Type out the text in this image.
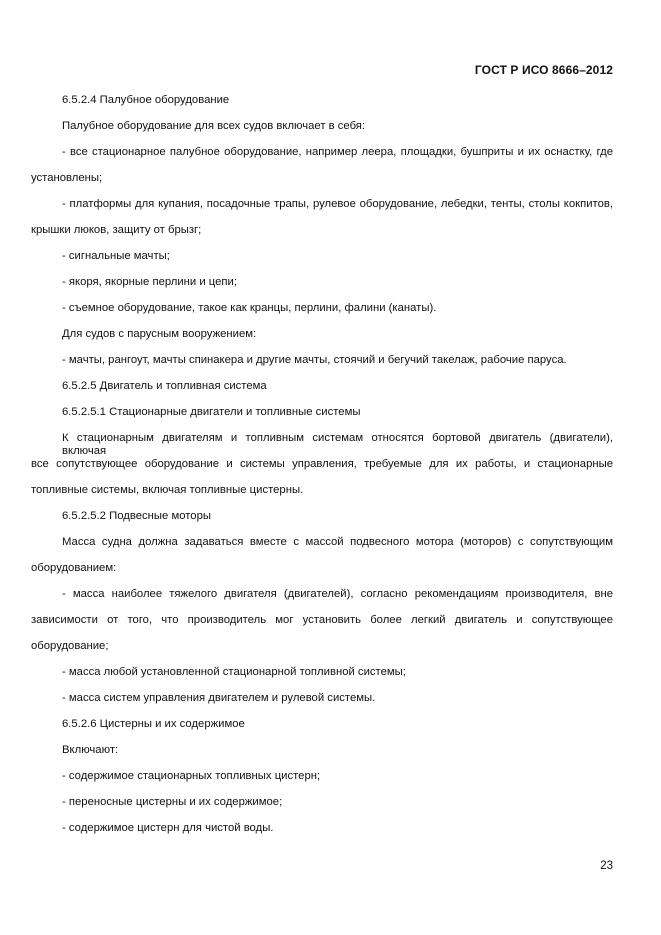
ГОСТ Р ИСО 8666–2012
6.5.2.4 Палубное оборудование
Палубное оборудование для всех судов включает в себя:
- все стационарное палубное оборудование, например леера, площадки, бушприты и их оснастку, где
установлены;
- платформы для купания, посадочные трапы, рулевое оборудование, лебедки, тенты, столы кокпитов,
крышки люков, защиту от брызг;
- сигнальные мачты;
- якоря, якорные перлини и цепи;
- съемное оборудование, такое как кранцы, перлини, фалини (канаты).
Для судов с парусным вооружением:
- мачты, рангоут, мачты спинакера и другие мачты, стоячий и бегучий такелаж, рабочие паруса.
6.5.2.5 Двигатель и топливная система
6.5.2.5.1 Стационарные двигатели и топливные системы
К стационарным двигателям и топливным системам относятся бортовой двигатель (двигатели), включая
все сопутствующее оборудование и системы управления, требуемые для их работы, и стационарные
топливные системы, включая топливные цистерны.
6.5.2.5.2 Подвесные моторы
Масса судна должна задаваться вместе с массой подвесного мотора (моторов) с сопутствующим
оборудованием:
- масса наиболее тяжелого двигателя (двигателей), согласно рекомендациям производителя, вне
зависимости от того, что производитель мог установить более легкий двигатель и сопутствующее
оборудование;
- масса любой установленной стационарной топливной системы;
- масса систем управления двигателем и рулевой системы.
6.5.2.6 Цистерны и их содержимое
Включают:
- содержимое стационарных топливных цистерн;
- переносные цистерны и их содержимое;
- содержимое цистерн для чистой воды.
23
